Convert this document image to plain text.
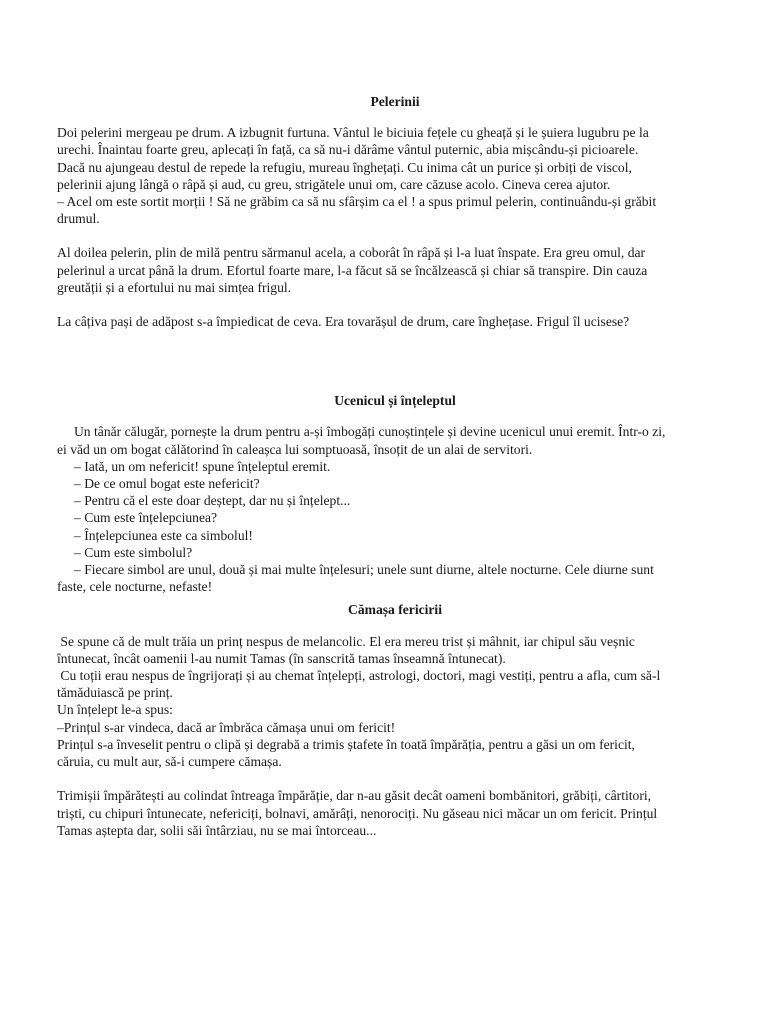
Pelerinii
Doi pelerini mergeau pe drum. A izbugnit furtuna. Vântul le biciuia fețele cu gheață și le șuiera lugubru pe la
urechi. Înaintau foarte greu, aplecați în față, ca să nu-i dărâme vântul puternic, abia mișcându-și picioarele.
Dacă nu ajungeau destul de repede la refugiu, mureau înghețați. Cu inima cât un purice și orbiți de viscol,
pelerinii ajung lângă o râpă și aud, cu greu, strigătele unui om, care căzuse acolo. Cineva cerea ajutor.
– Acel om este sortit morții ! Să ne grăbim ca să nu sfârșim ca el ! a spus primul pelerin, continuându-și grăbit
drumul.
Al doilea pelerin, plin de milă pentru sărmanul acela, a coborât în râpă și l-a luat înspate. Era greu omul, dar
pelerinul a urcat până la drum. Efortul foarte mare, l-a făcut să se încălzească și chiar să transpire. Din cauza
greutății și a efortului nu mai simțea frigul.
La câțiva pași de adăpost s-a împiedicat de ceva. Era tovarășul de drum, care înghețase. Frigul îl ucisese?
Ucenicul și înțeleptul
Un tânăr călugăr, pornește la drum pentru a-și îmbogăți cunoștințele și devine ucenicul unui eremit. Într-o zi,
ei văd un om bogat călătorind în caleașca lui somptuoasă, însoțit de un alai de servitori.
– Iată, un om nefericit! spune înțeleptul eremit.
– De ce omul bogat este nefericit?
– Pentru că el este doar deștept, dar nu și înțelept...
– Cum este înțelepciunea?
– Înțelepciunea este ca simbolul!
– Cum este simbolul?
– Fiecare simbol are unul, două și mai multe înțelesuri; unele sunt diurne, altele nocturne. Cele diurne sunt
faste, cele nocturne, nefaste!
Cămașa fericirii
Se spune că de mult trăia un prinț nespus de melancolic. El era mereu trist și mâhnit, iar chipul său veșnic
întunecat, încât oamenii l-au numit Tamas (în sanscrită tamas înseamnă întunecat).
Cu toții erau nespus de îngrijorați și au chemat înțelepți, astrologi, doctori, magi vestiți, pentru a afla, cum să-l
tămăduiască pe prinț.
Un înțelept le-a spus:
–Prințul s-ar vindeca, dacă ar îmbrăca cămașa unui om fericit!
Prințul s-a înveselit pentru o clipă și degrabă a trimis ștafete în toată împărăția, pentru a găsi un om fericit,
căruia, cu mult aur, să-i cumpere cămașa.
Trimișii împărătești au colindat întreaga împărăție, dar n-au găsit decât oameni bombănitori, grăbiți, cârtitori,
triști, cu chipuri întunecate, nefericiți, bolnavi, amărâți, nenorociți. Nu găseau nici măcar un om fericit. Prințul
Tamas aștepta dar, solii săi întârziau, nu se mai întorceau...
